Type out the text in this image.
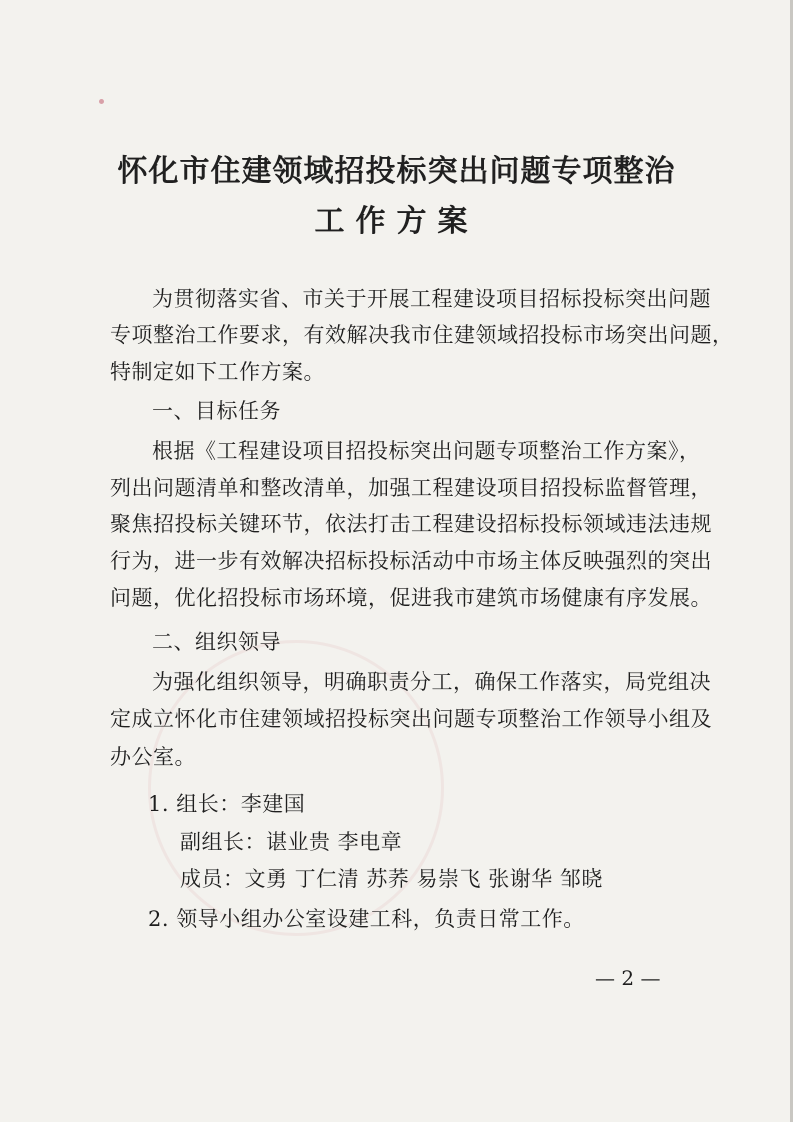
怀化市住建领域招投标突出问题专项整治
工作方案
为贯彻落实省、市关于开展工程建设项目招标投标突出问题
专项整治工作要求，有效解决我市住建领域招投标市场突出问题，
特制定如下工作方案。
一、目标任务
根据《工程建设项目招投标突出问题专项整治工作方案》，
列出问题清单和整改清单，加强工程建设项目招投标监督管理，
聚焦招投标关键环节，依法打击工程建设招标投标领域违法违规
行为，进一步有效解决招标投标活动中市场主体反映强烈的突出
问题，优化招投标市场环境，促进我市建筑市场健康有序发展。
二、组织领导
为强化组织领导，明确职责分工，确保工作落实，局党组决
定成立怀化市住建领域招投标突出问题专项整治工作领导小组及
办公室。
1. 组长：李建国
副组长：谌业贵 李电章
成员：文勇 丁仁清 苏荞 易崇飞 张谢华 邹晓
2. 领导小组办公室设建工科，负责日常工作。
— 2 —
